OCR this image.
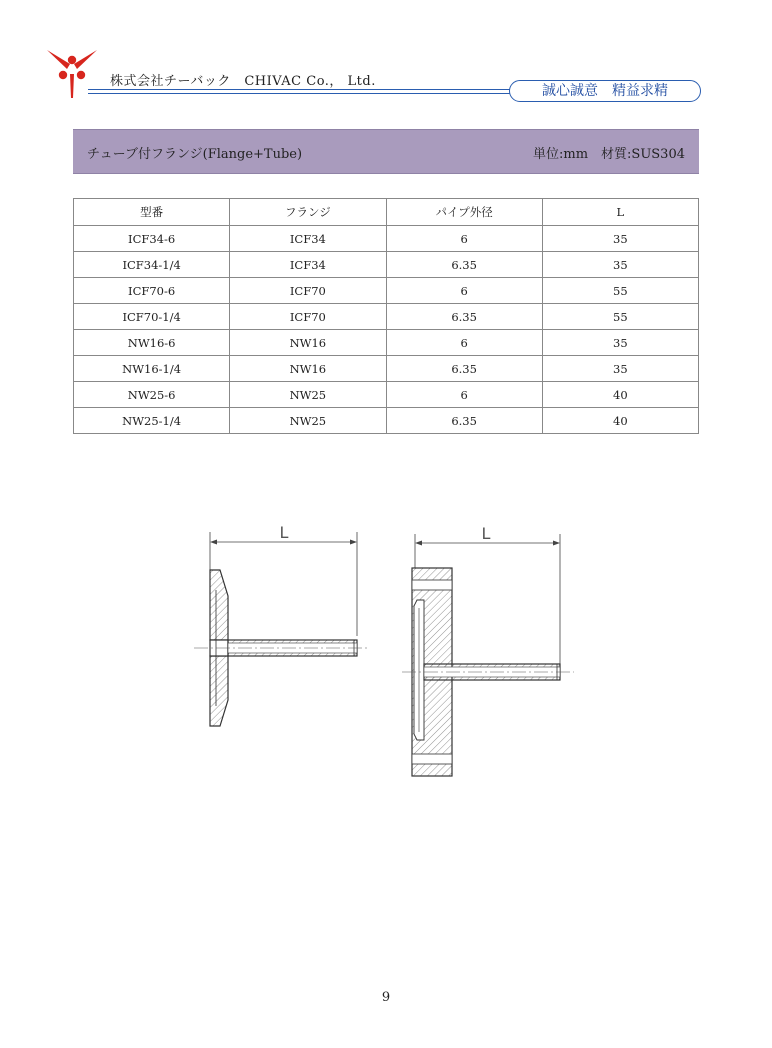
株式会社チーバック　CHIVAC Co.， Ltd.
誠心誠意　精益求精
チューブ付フランジ(Flange+Tube)	単位:mm　材質:SUS304
型番	フランジ	パイプ外径	L
ICF34-6	ICF34	6	35
ICF34-1/4	ICF34	6.35	35
ICF70-6	ICF70	6	55
ICF70-1/4	ICF70	6.35	55
NW16-6	NW16	6	35
NW16-1/4	NW16	6.35	35
NW25-6	NW25	6	40
NW25-1/4	NW25	6.35	40
L	L
9
